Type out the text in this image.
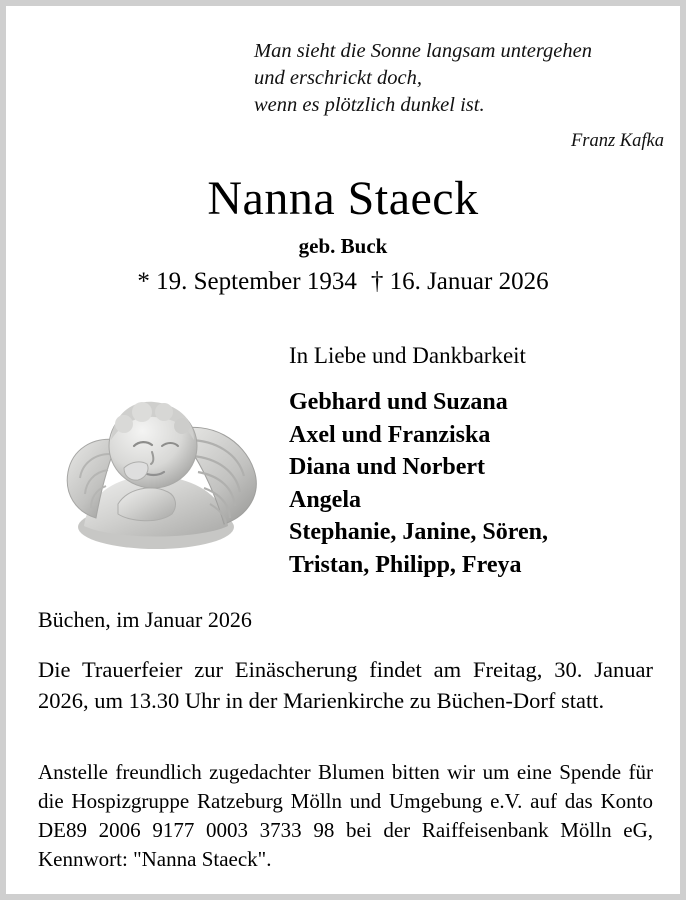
Man sieht die Sonne langsam untergehen
und erschrickt doch,
wenn es plötzlich dunkel ist.
Franz Kafka
Nanna Staeck
geb. Buck
* 19. September 1934 † 16. Januar 2026
In Liebe und Dankbarkeit
Gebhard und Suzana
Axel und Franziska
Diana und Norbert
Angela
Stephanie, Janine, Sören,
Tristan, Philipp, Freya
Büchen, im Januar 2026
Die Trauerfeier zur Einäscherung findet am Freitag, 30. Januar 2026, um 13.30 Uhr in der Marienkirche zu Büchen-Dorf statt.
Anstelle freundlich zugedachter Blumen bitten wir um eine Spende für die Hospizgruppe Ratzeburg Mölln und Umgebung e.V. auf das Konto DE89 2006 9177 0003 3733 98 bei der Raiffeisenbank Mölln eG, Kennwort: "Nanna Staeck".
